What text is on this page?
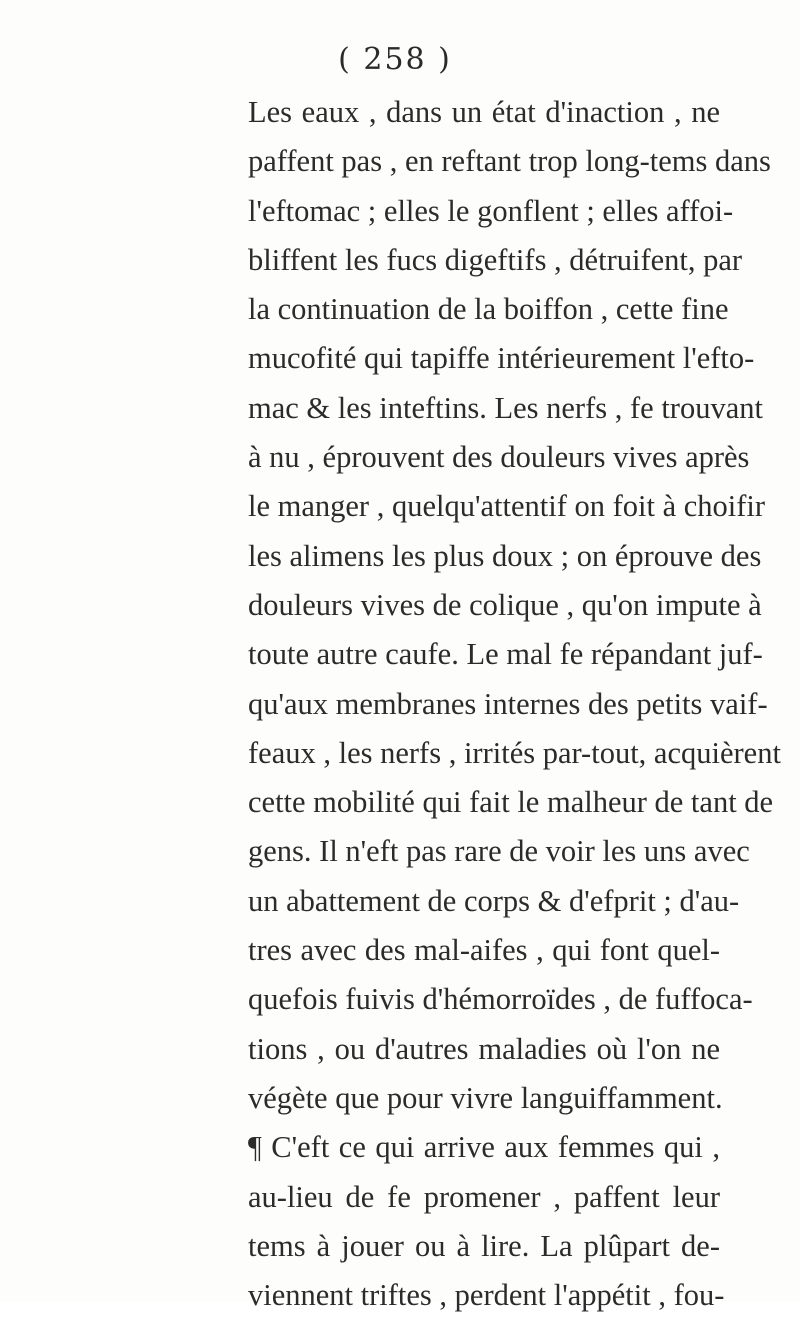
( 258 )
Les eaux , dans un état d'inaction , ne
paffent pas , en reftant trop long-tems dans
l'eftomac ; elles le gonflent ; elles affoi-
bliffent les fucs digeftifs , détruifent, par
la continuation de la boiffon , cette fine
mucofité qui tapiffe intérieurement l'efto-
mac & les inteftins. Les nerfs , fe trouvant
à nu , éprouvent des douleurs vives après
le manger , quelqu'attentif on foit à choifir
les alimens les plus doux ; on éprouve des
douleurs vives de colique , qu'on impute à
toute autre caufe. Le mal fe répandant juf-
qu'aux membranes internes des petits vaif-
feaux , les nerfs , irrités par-tout, acquièrent
cette mobilité qui fait le malheur de tant de
gens. Il n'eft pas rare de voir les uns avec
un abattement de corps & d'efprit ; d'au-
tres avec des mal-aifes , qui font quel-
quefois fuivis d'hémorroïdes , de fuffoca-
tions , ou d'autres maladies où l'on ne
végète que pour vivre languiffamment.
¶ C'eft ce qui arrive aux femmes qui ,
au-lieu de fe promener , paffent leur
tems à jouer ou à lire. La plûpart de-
viennent triftes , perdent l'appétit , fou-
